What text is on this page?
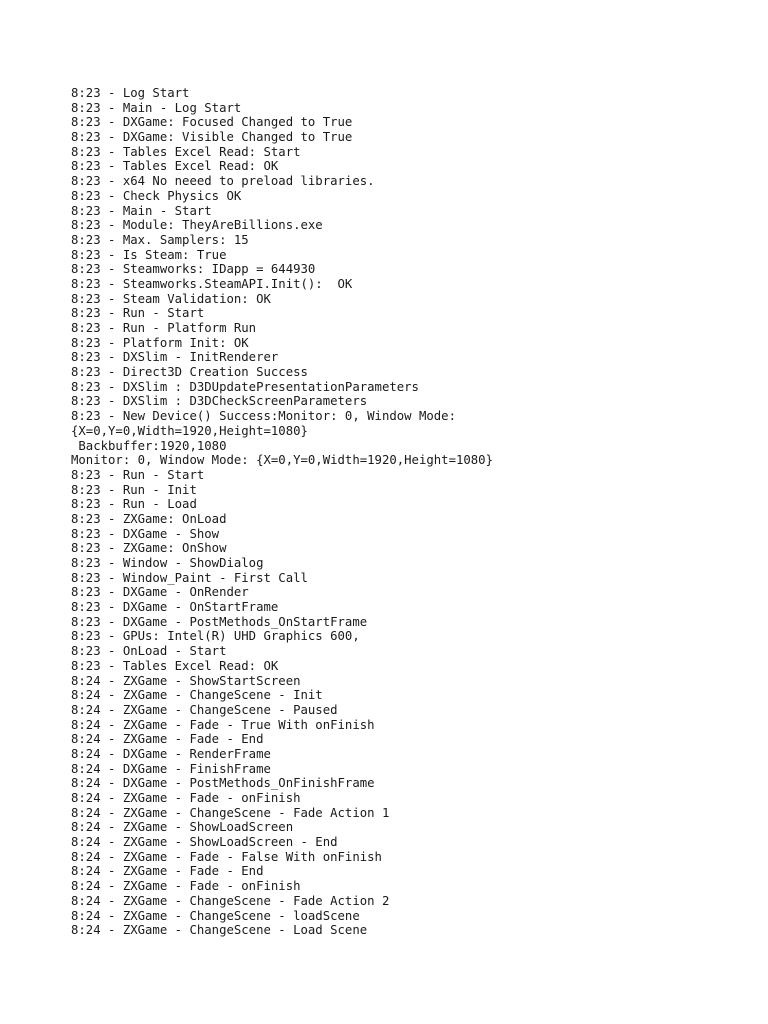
8:23 - Log Start
8:23 - Main - Log Start
8:23 - DXGame: Focused Changed to True
8:23 - DXGame: Visible Changed to True
8:23 - Tables Excel Read: Start
8:23 - Tables Excel Read: OK
8:23 - x64 No neeed to preload libraries.
8:23 - Check Physics OK
8:23 - Main - Start
8:23 - Module: TheyAreBillions.exe
8:23 - Max. Samplers: 15
8:23 - Is Steam: True
8:23 - Steamworks: IDapp = 644930
8:23 - Steamworks.SteamAPI.Init():  OK
8:23 - Steam Validation: OK
8:23 - Run - Start
8:23 - Run - Platform Run
8:23 - Platform Init: OK
8:23 - DXSlim - InitRenderer
8:23 - Direct3D Creation Success
8:23 - DXSlim : D3DUpdatePresentationParameters
8:23 - DXSlim : D3DCheckScreenParameters
8:23 - New Device() Success:Monitor: 0, Window Mode:
{X=0,Y=0,Width=1920,Height=1080}
Backbuffer:1920,1080
Monitor: 0, Window Mode: {X=0,Y=0,Width=1920,Height=1080}
8:23 - Run - Start
8:23 - Run - Init
8:23 - Run - Load
8:23 - ZXGame: OnLoad
8:23 - DXGame - Show
8:23 - ZXGame: OnShow
8:23 - Window - ShowDialog
8:23 - Window_Paint - First Call
8:23 - DXGame - OnRender
8:23 - DXGame - OnStartFrame
8:23 - DXGame - PostMethods_OnStartFrame
8:23 - GPUs: Intel(R) UHD Graphics 600,
8:23 - OnLoad - Start
8:23 - Tables Excel Read: OK
8:24 - ZXGame - ShowStartScreen
8:24 - ZXGame - ChangeScene - Init
8:24 - ZXGame - ChangeScene - Paused
8:24 - ZXGame - Fade - True With onFinish
8:24 - ZXGame - Fade - End
8:24 - DXGame - RenderFrame
8:24 - DXGame - FinishFrame
8:24 - DXGame - PostMethods_OnFinishFrame
8:24 - ZXGame - Fade - onFinish
8:24 - ZXGame - ChangeScene - Fade Action 1
8:24 - ZXGame - ShowLoadScreen
8:24 - ZXGame - ShowLoadScreen - End
8:24 - ZXGame - Fade - False With onFinish
8:24 - ZXGame - Fade - End
8:24 - ZXGame - Fade - onFinish
8:24 - ZXGame - ChangeScene - Fade Action 2
8:24 - ZXGame - ChangeScene - loadScene
8:24 - ZXGame - ChangeScene - Load Scene
